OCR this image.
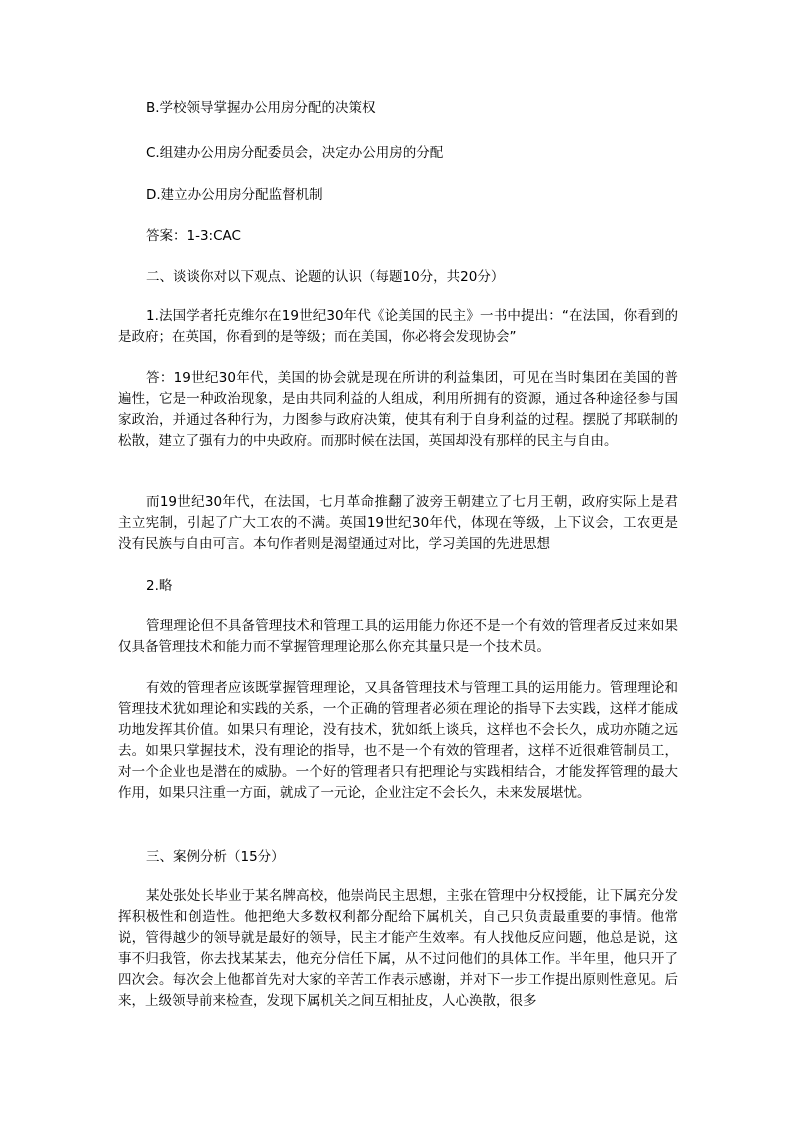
B.学校领导掌握办公用房分配的决策权

C.组建办公用房分配委员会，决定办公用房的分配

D.建立办公用房分配监督机制

答案：1-3:CAC

二、谈谈你对以下观点、论题的认识（每题10分，共20分）

1.法国学者托克维尔在19世纪30年代《论美国的民主》一书中提出：“在法国，你看到的是政府；在英国，你看到的是等级；而在美国，你必将会发现协会”

答：19世纪30年代，美国的协会就是现在所讲的利益集团，可见在当时集团在美国的普遍性，它是一种政治现象，是由共同利益的人组成，利用所拥有的资源，通过各种途径参与国家政治，并通过各种行为，力图参与政府决策，使其有利于自身利益的过程。摆脱了邦联制的松散，建立了强有力的中央政府。而那时候在法国，英国却没有那样的民主与自由。

而19世纪30年代，在法国，七月革命推翻了波旁王朝建立了七月王朝，政府实际上是君主立宪制，引起了广大工农的不满。英国19世纪30年代，体现在等级，上下议会，工农更是没有民族与自由可言。本句作者则是渴望通过对比，学习美国的先进思想

2.略

管理理论但不具备管理技术和管理工具的运用能力你还不是一个有效的管理者反过来如果仅具备管理技术和能力而不掌握管理理论那么你充其量只是一个技术员。

有效的管理者应该既掌握管理理论，又具备管理技术与管理工具的运用能力。管理理论和管理技术犹如理论和实践的关系，一个正确的管理者必须在理论的指导下去实践，这样才能成功地发挥其价值。如果只有理论，没有技术，犹如纸上谈兵，这样也不会长久，成功亦随之远去。如果只掌握技术，没有理论的指导，也不是一个有效的管理者，这样不近很难管制员工，对一个企业也是潜在的威胁。一个好的管理者只有把理论与实践相结合，才能发挥管理的最大作用，如果只注重一方面，就成了一元论，企业注定不会长久，未来发展堪忧。

三、案例分析（15分）

某处张处长毕业于某名牌高校，他崇尚民主思想，主张在管理中分权授能，让下属充分发挥积极性和创造性。他把绝大多数权利都分配给下属机关，自己只负责最重要的事情。他常说，管得越少的领导就是最好的领导，民主才能产生效率。有人找他反应问题，他总是说，这事不归我管，你去找某某去，他充分信任下属，从不过问他们的具体工作。半年里，他只开了四次会。每次会上他都首先对大家的辛苦工作表示感谢，并对下一步工作提出原则性意见。后来，上级领导前来检查，发现下属机关之间互相扯皮，人心涣散，很多
